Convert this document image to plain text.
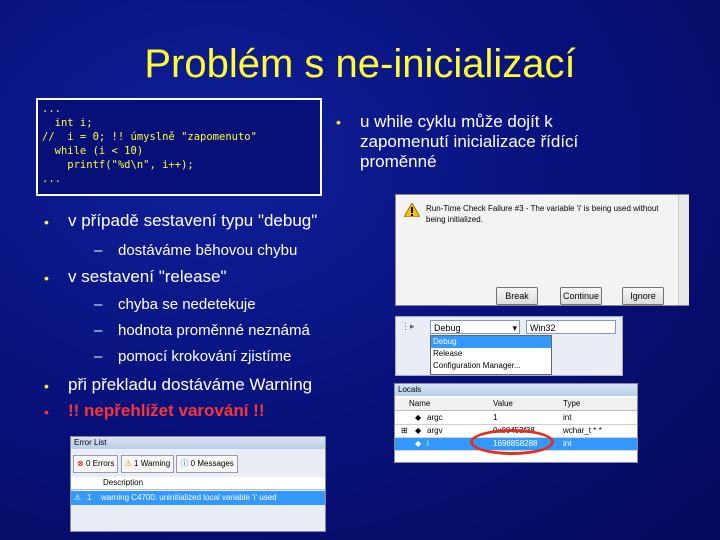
Problém s ne-inicializací
...
int i;
//  i = 0; !! úmyslně "zapomenuto"
while (i < 10)
printf("%d\n", i++);
...
• u while cyklu může dojít k zapomenutí inicializace řídící proměnné
• v případě sestavení typu "debug"
– dostáváme běhovou chybu
• v sestavení "release"
– chyba se nedetekuje
– hodnota proměnné neznámá
– pomocí krokování zjistíme
• při překladu dostáváme Warning
• !! nepřehlížet varování !!
Run-Time Check Failure #3 - The variable 'i' is being used without being initialized.
Break	Continue	Ignore
⋮▸	Debug	▾	Win32
Debug
Release
Configuration Manager...
Locals
Name	Value	Type
◆ argc	1	int
⊞ ◆ argv	0x00453f38	wchar_t * *
◆ i	1698858288	int
Error List
⊗ 0 Errors ⚠ 1 Warning ⓘ 0 Messages
Description
⚠ 1 warning C4700: uninitialized local variable 'i' used
